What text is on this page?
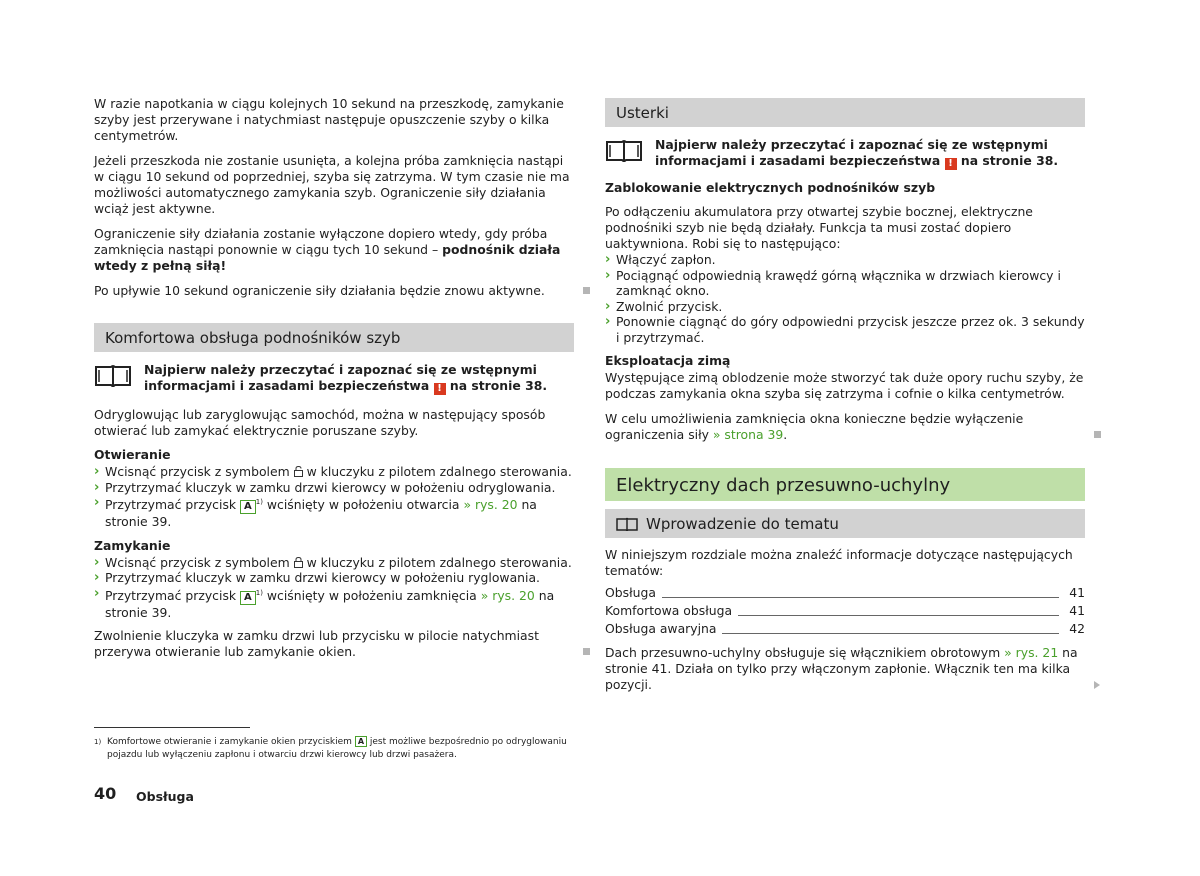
W razie napotkania w ciągu kolejnych 10 sekund na przeszkodę, zamykanie szyby jest przerywane i natychmiast następuje opuszczenie szyby o kilka centymetrów.

Jeżeli przeszkoda nie zostanie usunięta, a kolejna próba zamknięcia nastąpi w ciągu 10 sekund od poprzedniej, szyba się zatrzyma. W tym czasie nie ma możliwości automatycznego zamykania szyb. Ograniczenie siły działania wciąż jest aktywne.

Ograniczenie siły działania zostanie wyłączone dopiero wtedy, gdy próba zamknięcia nastąpi ponownie w ciągu tych 10 sekund – podnośnik działa wtedy z pełną siłą!

Po upływie 10 sekund ograniczenie siły działania będzie znowu aktywne.

Komfortowa obsługa podnośników szyb
Najpierw należy przeczytać i zapoznać się ze wstępnymi informacjami i zasadami bezpieczeństwa ! na stronie 38.

Odryglowując lub zaryglowując samochód, można w następujący sposób otwierać lub zamykać elektrycznie poruszane szyby.

Otwieranie
› Wcisnąć przycisk z symbolem w kluczyku z pilotem zdalnego sterowania.
› Przytrzymać kluczyk w zamku drzwi kierowcy w położeniu odryglowania.
› Przytrzymać przycisk A $^{1)}$ wciśnięty w położeniu otwarcia » rys. 20 na stronie 39.
Zamykanie
› Wcisnąć przycisk z symbolem w kluczyku z pilotem zdalnego sterowania.
› Przytrzymać kluczyk w zamku drzwi kierowcy w położeniu ryglowania.
› Przytrzymać przycisk A $^{1)}$ wciśnięty w położeniu zamknięcia » rys. 20 na stronie 39.

Zwolnienie kluczyka w zamku drzwi lub przycisku w pilocie natychmiast przerywa otwieranie lub zamykanie okien.

Usterki
Najpierw należy przeczytać i zapoznać się ze wstępnymi informacjami i zasadami bezpieczeństwa ! na stronie 38.
Zablokowanie elektrycznych podnośników szyb

Po odłączeniu akumulatora przy otwartej szybie bocznej, elektryczne podnośniki szyb nie będą działały. Funkcja ta musi zostać dopiero uaktywniona. Robi się to następująco:

› Włączyć zapłon.
› Pociągnąć odpowiednią krawędź górną włącznika w drzwiach kierowcy i zamknąć okno.
› Zwolnić przycisk.
› Ponownie ciągnąć do góry odpowiedni przycisk jeszcze przez ok. 3 sekundy i przytrzymać.
Eksploatacja zimą

Występujące zimą oblodzenie może stworzyć tak duże opory ruchu szyby, że podczas zamykania okna szyba się zatrzyma i cofnie o kilka centymetrów.

W celu umożliwienia zamknięcia okna konieczne będzie wyłączenie ograniczenia siły » strona 39.

Elektryczny dach przesuwno-uchylny
Wprowadzenie do tematu

W niniejszym rozdziale można znaleźć informacje dotyczące następujących tematów:

Obsługa	41
Komfortowa obsługa	41
Obsługa awaryjna	42

Dach przesuwno-uchylny obsługuje się włącznikiem obrotowym » rys. 21 na stronie 41. Działa on tylko przy włączonym zapłonie. Włącznik ten ma kilka pozycji.

1) Komfortowe otwieranie i zamykanie okien przyciskiem A jest możliwe bezpośrednio po odryglowaniu pojazdu lub wyłączeniu zapłonu i otwarciu drzwi kierowcy lub drzwi pasażera.
40 Obsługa
